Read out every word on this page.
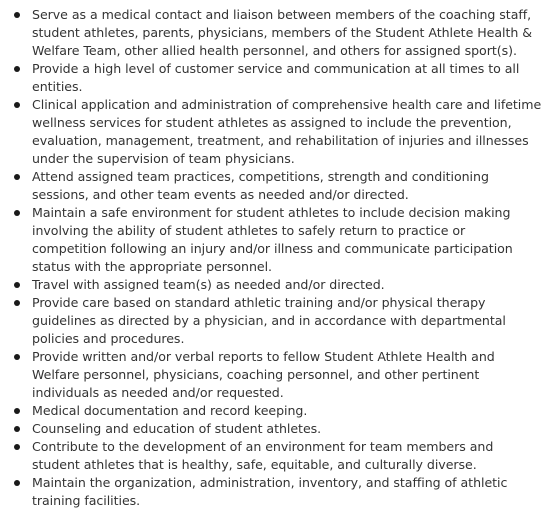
Serve as a medical contact and liaison between members of the coaching staff, student athletes, parents, physicians, members of the Student Athlete Health & Welfare Team, other allied health personnel, and others for assigned sport(s).
Provide a high level of customer service and communication at all times to all entities.
Clinical application and administration of comprehensive health care and lifetime wellness services for student athletes as assigned to include the prevention, evaluation, management, treatment, and rehabilitation of injuries and illnesses under the supervision of team physicians.
Attend assigned team practices, competitions, strength and conditioning sessions, and other team events as needed and/or directed.
Maintain a safe environment for student athletes to include decision making involving the ability of student athletes to safely return to practice or competition following an injury and/or illness and communicate participation status with the appropriate personnel.
Travel with assigned team(s) as needed and/or directed.
Provide care based on standard athletic training and/or physical therapy guidelines as directed by a physician, and in accordance with departmental policies and procedures.
Provide written and/or verbal reports to fellow Student Athlete Health and Welfare personnel, physicians, coaching personnel, and other pertinent individuals as needed and/or requested.
Medical documentation and record keeping.
Counseling and education of student athletes.
Contribute to the development of an environment for team members and student athletes that is healthy, safe, equitable, and culturally diverse.
Maintain the organization, administration, inventory, and staffing of athletic training facilities.
